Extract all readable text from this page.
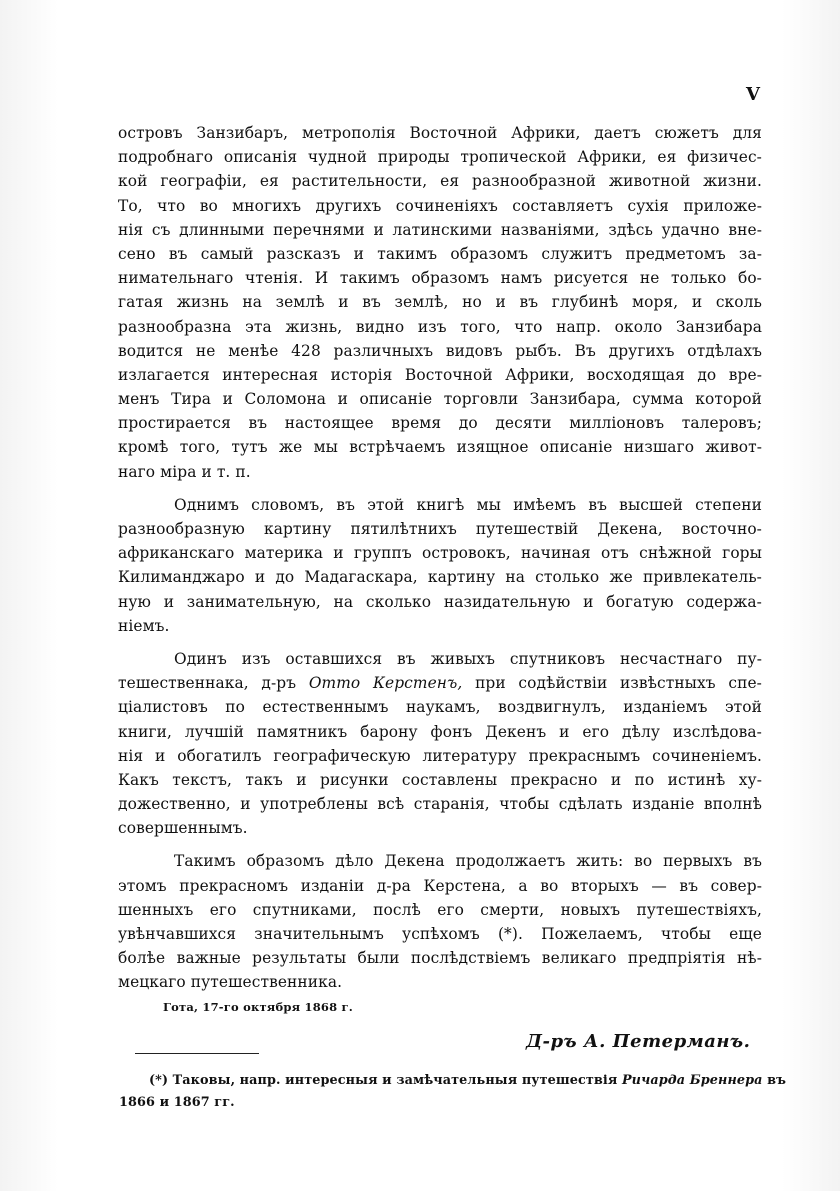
V
островъ Занзибаръ, метрополія Восточной Африки, даетъ сюжетъ для
подробнаго описанія чудной природы тропической Африки, ея физичес-
кой географіи, ея растительности, ея разнообразной животной жизни.
То, что во многихъ другихъ сочиненіяхъ составляетъ сухія приложе-
нія съ длинными перечнями и латинскими названіями, здѣсь удачно вне-
сено въ самый разсказъ и такимъ образомъ служитъ предметомъ за-
нимательнаго чтенія. И такимъ образомъ намъ рисуется не только бо-
гатая жизнь на землѣ и въ землѣ, но и въ глубинѣ моря, и сколь
разнообразна эта жизнь, видно изъ того, что напр. около Занзибара
водится не менѣе 428 различныхъ видовъ рыбъ. Въ другихъ отдѣлахъ
излагается интересная исторія Восточной Африки, восходящая до вре-
менъ Тира и Соломона и описаніе торговли Занзибара, сумма которой
простирается въ настоящее время до десяти милліоновъ талеровъ;
кромѣ того, тутъ же мы встрѣчаемъ изящное описаніе низшаго живот-
наго міра и т. п.
Однимъ словомъ, въ этой книгѣ мы имѣемъ въ высшей степени
разнообразную картину пятилѣтнихъ путешествій Декена, восточно-
африканскаго материка и группъ островокъ, начиная отъ снѣжной горы
Килиманджаро и до Мадагаскара, картину на столько же привлекатель-
ную и занимательную, на сколько назидательную и богатую содержа-
ніемъ.
Одинъ изъ оставшихся въ живыхъ спутниковъ несчастнаго пу-
тешественнака, д-ръ Отто Керстенъ, при содѣйствіи извѣстныхъ спе-
ціалистовъ по естественнымъ наукамъ, воздвигнулъ, изданіемъ этой
книги, лучшій памятникъ барону фонъ Декенъ и его дѣлу изслѣдова-
нія и обогатилъ географическую литературу прекраснымъ сочиненіемъ.
Какъ текстъ, такъ и рисунки составлены прекрасно и по истинѣ ху-
дожественно, и употреблены всѣ старанія, чтобы сдѣлать изданіе вполнѣ
совершеннымъ.
Такимъ образомъ дѣло Декена продолжаетъ жить: во первыхъ въ
этомъ прекрасномъ изданіи д-ра Керстена, а во вторыхъ — въ совер-
шенныхъ его спутниками, послѣ его смерти, новыхъ путешествіяхъ,
увѣнчавшихся значительнымъ успѣхомъ (*). Пожелаемъ, чтобы еще
болѣе важные результаты были послѣдствіемъ великаго предпріятія нѣ-
мецкаго путешественника.
Гота, 17-го октября 1868 г.
Д-ръ А. Петерманъ.
(*) Таковы, напр. интересныя и замѣчательныя путешествія Ричарда Бреннера въ
1866 и 1867 гг.
